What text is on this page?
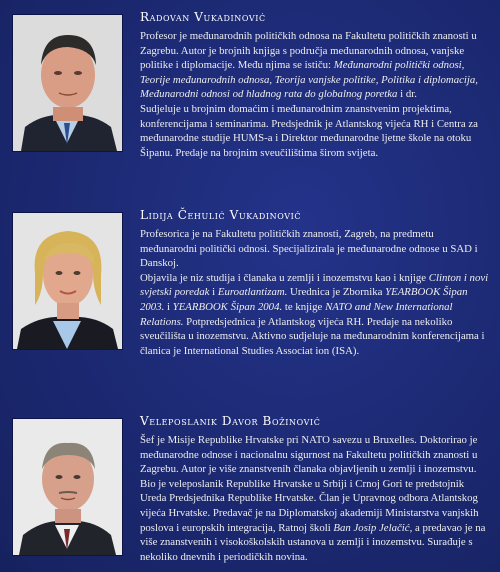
Radovan Vukadinović

Profesor je međunarodnih političkih odnosa na Fakultetu političkih znanosti u Zagrebu. Autor je brojnih knjiga s područja međunarodnih odnosa, vanjske politike i diplomacije. Među njima se ističu: Međunarodni politički odnosi, Teorije međunarodnih odnosa, Teorija vanjske politike, Politika i diplomacija, Međunarodni odnosi od hladnog rata do globalnog poretka i dr.

Sudjeluje u brojnim domaćim i međunarodnim znanstvenim projektima, konferencijama i seminarima. Predsjednik je Atlantskog vijeća RH i Centra za međunarodne studije HUMS-a i Direktor međunarodne ljetne škole na otoku Šipanu. Predaje na brojnim sveučilištima širom svijeta.

Lidija Čehulić Vukadinović

Profesorica je na Fakultetu političkih znanosti, Zagreb, na predmetu međunarodni politički odnosi. Specijalizirala je međunarodne odnose u SAD i Danskoj.

Objavila je niz studija i članaka u zemlji i inozemstvu kao i knjige Clinton i novi svjetski poredak i Euroatlantizam. Urednica je Zbornika YEARBOOK Šipan 2003. i YEARBOOK Šipan 2004. te knjige NATO and New International Relations. Potpredsjednica je Atlantskog vijeća RH. Predaje na nekoliko sveučilišta u inozemstvu. Aktivno sudjeluje na međunarodnim konferencijama i članica je International Studies Associat ion (ISA).

Veleposlanik Davor Božinović

Šef je Misije Republike Hrvatske pri NATO savezu u Bruxelles. Doktorirao je međunarodne odnose i nacionalnu sigurnost na Fakultetu političkih znanosti u Zagrebu. Autor je više znanstvenih članaka objavljenih u zemlji i inozemstvu. Bio je veleposlanik Republike Hrvatske u Srbiji i Crnoj Gori te predstojnik Ureda Predsjednika Republike Hrvatske. Član je Upravnog odbora Atlantskog vijeća Hrvatske. Predavač je na Diplomatskoj akademiji Ministarstva vanjskih poslova i europskih integracija, Ratnoj školi Ban Josip Jelačić, a predavao je na više znanstvenih i visokoškolskih ustanova u zemlji i inozemstvu. Surađuje s nekoliko dnevnih i periodičkih novina.
